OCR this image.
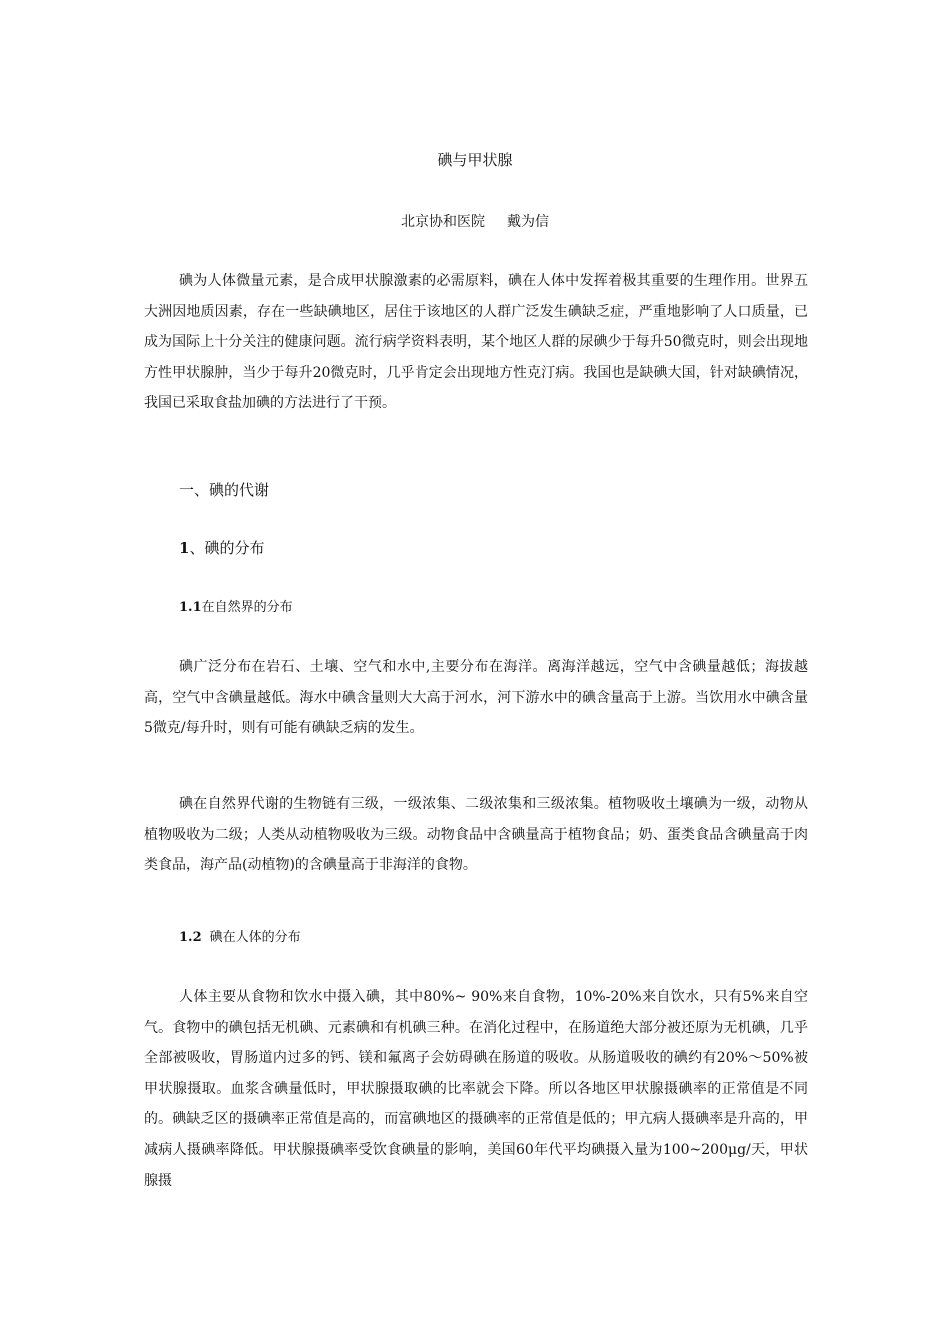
碘与甲状腺
北京协和医院 戴为信

碘为人体微量元素，是合成甲状腺激素的必需原料，碘在人体中发挥着极其重要的生理作用。世界五大洲因地质因素，存在一些缺碘地区，居住于该地区的人群广泛发生碘缺乏症，严重地影响了人口质量，已成为国际上十分关注的健康问题。流行病学资料表明，某个地区人群的尿碘少于每升50微克时，则会出现地方性甲状腺肿，当少于每升20微克时，几乎肯定会出现地方性克汀病。我国也是缺碘大国，针对缺碘情况，我国已采取食盐加碘的方法进行了干预。

一、碘的代谢

1、碘的分布

1.1在自然界的分布

碘广泛分布在岩石、土壤、空气和水中,主要分布在海洋。离海洋越远，空气中含碘量越低；海拔越高，空气中含碘量越低。海水中碘含量则大大高于河水，河下游水中的碘含量高于上游。当饮用水中碘含量5微克/每升时，则有可能有碘缺乏病的发生。

碘在自然界代谢的生物链有三级，一级浓集、二级浓集和三级浓集。植物吸收土壤碘为一级，动物从植物吸收为二级；人类从动植物吸收为三级。动物食品中含碘量高于植物食品；奶、蛋类食品含碘量高于肉类食品，海产品(动植物)的含碘量高于非海洋的食物。

1.2 碘在人体的分布

人体主要从食物和饮水中摄入碘，其中80%~ 90%来自食物，10%-20%来自饮水，只有5%来自空气。食物中的碘包括无机碘、元素碘和有机碘三种。在消化过程中，在肠道绝大部分被还原为无机碘，几乎全部被吸收，胃肠道内过多的钙、镁和氟离子会妨碍碘在肠道的吸收。从肠道吸收的碘约有20%～50%被甲状腺摄取。血浆含碘量低时，甲状腺摄取碘的比率就会下降。所以各地区甲状腺摄碘率的正常值是不同的。碘缺乏区的摄碘率正常值是高的，而富碘地区的摄碘率的正常值是低的；甲亢病人摄碘率是升高的，甲减病人摄碘率降低。甲状腺摄碘率受饮食碘量的影响，美国60年代平均碘摄入量为100~200μg/天，甲状腺摄
